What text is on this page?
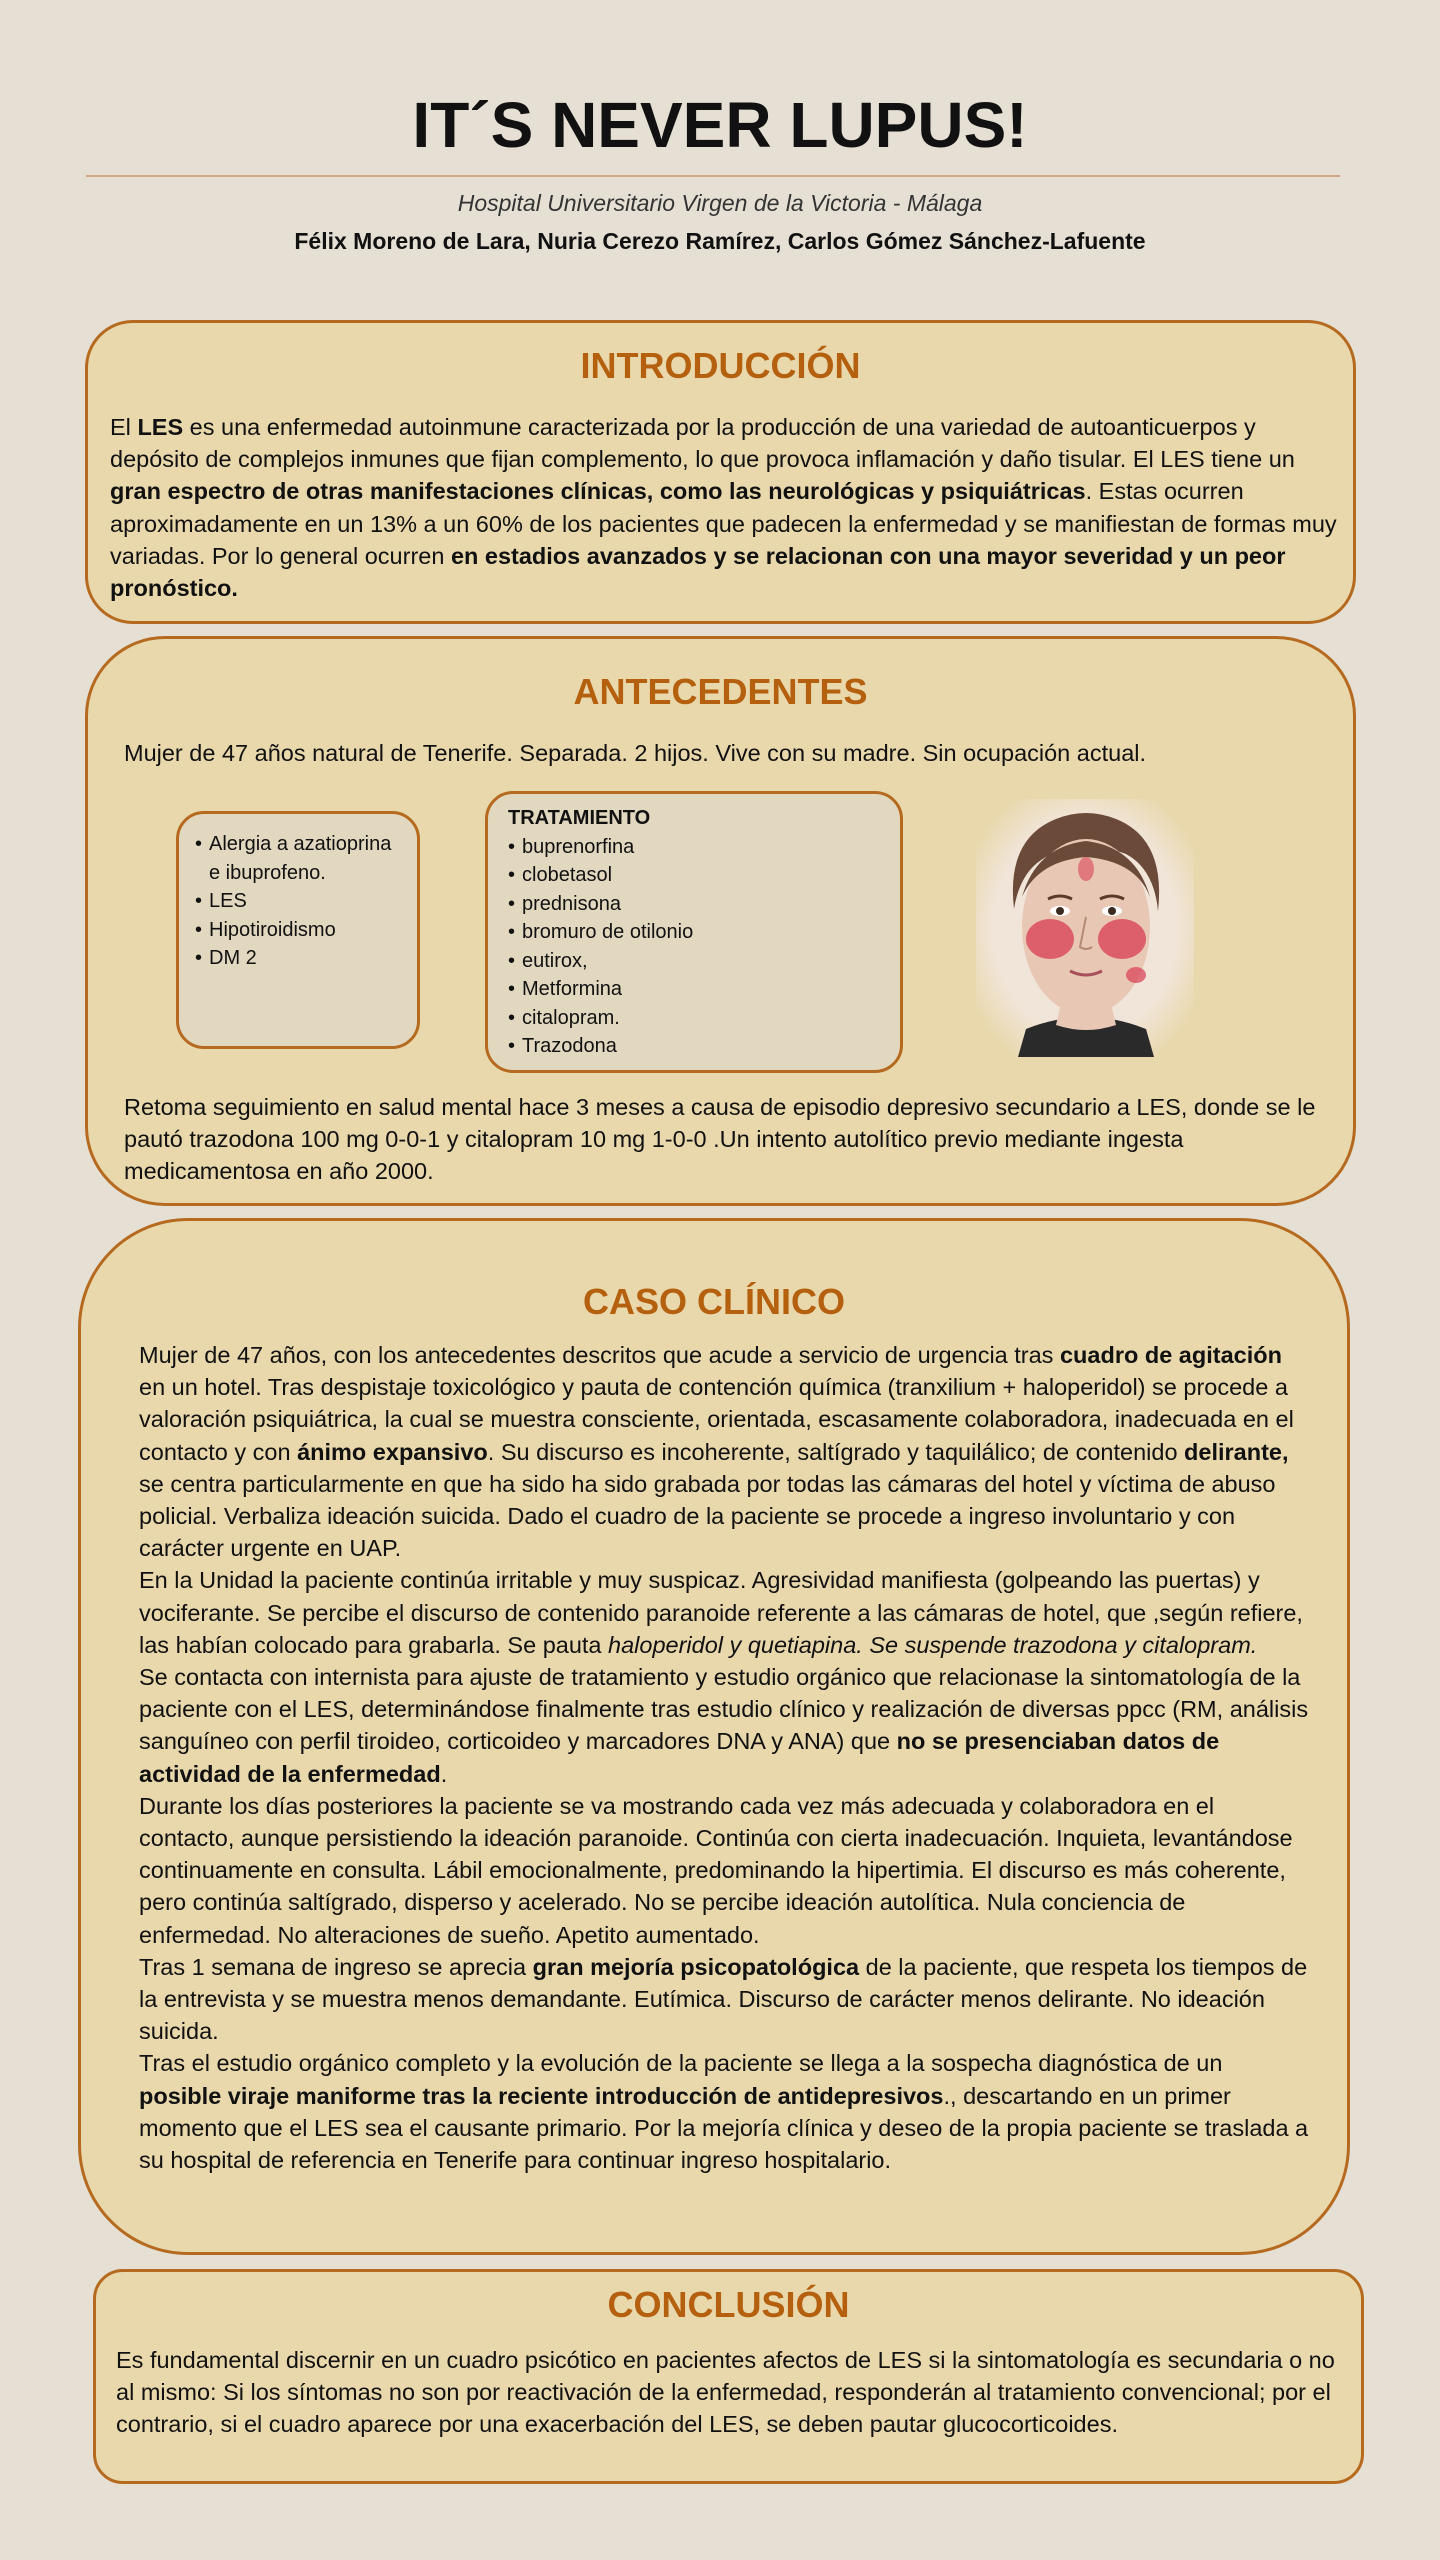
IT´S NEVER LUPUS!
Hospital Universitario Virgen de la Victoria - Málaga
Félix Moreno de Lara, Nuria Cerezo Ramírez, Carlos Gómez Sánchez-Lafuente
INTRODUCCIÓN
El LES es una enfermedad autoinmune caracterizada por la producción de una variedad de autoanticuerpos y depósito de complejos inmunes que fijan complemento, lo que provoca inflamación y daño tisular. El LES tiene un gran espectro de otras manifestaciones clínicas, como las neurológicas y psiquiátricas. Estas ocurren aproximadamente en un 13% a un 60% de los pacientes que padecen la enfermedad y se manifiestan de formas muy variadas. Por lo general ocurren en estadios avanzados y se relacionan con una mayor severidad y un peor pronóstico.
ANTECEDENTES
Mujer de 47 años natural de Tenerife. Separada. 2 hijos. Vive con su madre. Sin ocupación actual.
• Alergia a azatioprina e ibuprofeno.
• LES
• Hipotiroidismo
• DM 2
TRATAMIENTO
• buprenorfina
• clobetasol
• prednisona
• bromuro de otilonio
• eutirox,
• Metformina
• citalopram.
• Trazodona
Retoma seguimiento en salud mental hace 3 meses a causa de episodio depresivo secundario a LES, donde se le pautó trazodona 100 mg 0-0-1 y citalopram 10 mg 1-0-0 .Un intento autolítico previo mediante ingesta medicamentosa en año 2000.
CASO CLÍNICO

Mujer de 47 años, con los antecedentes descritos que acude a servicio de urgencia tras cuadro de agitación en un hotel. Tras despistaje toxicológico y pauta de contención química (tranxilium + haloperidol) se procede a valoración psiquiátrica, la cual se muestra consciente, orientada, escasamente colaboradora, inadecuada en el contacto y con ánimo expansivo. Su discurso es incoherente, saltígrado y taquilálico; de contenido delirante, se centra particularmente en que ha sido ha sido grabada por todas las cámaras del hotel y víctima de abuso policial. Verbaliza ideación suicida. Dado el cuadro de la paciente se procede a ingreso involuntario y con carácter urgente en UAP.

En la Unidad la paciente continúa irritable y muy suspicaz. Agresividad manifiesta (golpeando las puertas) y vociferante. Se percibe el discurso de contenido paranoide referente a las cámaras de hotel, que ,según refiere, las habían colocado para grabarla. Se pauta haloperidol y quetiapina. Se suspende trazodona y citalopram.

Se contacta con internista para ajuste de tratamiento y estudio orgánico que relacionase la sintomatología de la paciente con el LES, determinándose finalmente tras estudio clínico y realización de diversas ppcc (RM, análisis sanguíneo con perfil tiroideo, corticoideo y marcadores DNA y ANA) que no se presenciaban datos de actividad de la enfermedad.

Durante los días posteriores la paciente se va mostrando cada vez más adecuada y colaboradora en el contacto, aunque persistiendo la ideación paranoide. Continúa con cierta inadecuación. Inquieta, levantándose continuamente en consulta. Lábil emocionalmente, predominando la hipertimia. El discurso es más coherente, pero continúa saltígrado, disperso y acelerado. No se percibe ideación autolítica. Nula conciencia de enfermedad. No alteraciones de sueño. Apetito aumentado.

Tras 1 semana de ingreso se aprecia gran mejoría psicopatológica de la paciente, que respeta los tiempos de la entrevista y se muestra menos demandante. Eutímica. Discurso de carácter menos delirante. No ideación suicida.

Tras el estudio orgánico completo y la evolución de la paciente se llega a la sospecha diagnóstica de un posible viraje maniforme tras la reciente introducción de antidepresivos., descartando en un primer momento que el LES sea el causante primario. Por la mejoría clínica y deseo de la propia paciente se traslada a su hospital de referencia en Tenerife para continuar ingreso hospitalario.

CONCLUSIÓN
Es fundamental discernir en un cuadro psicótico en pacientes afectos de LES si la sintomatología es secundaria o no al mismo: Si los síntomas no son por reactivación de la enfermedad, responderán al tratamiento convencional; por el contrario, si el cuadro aparece por una exacerbación del LES, se deben pautar glucocorticoides.
